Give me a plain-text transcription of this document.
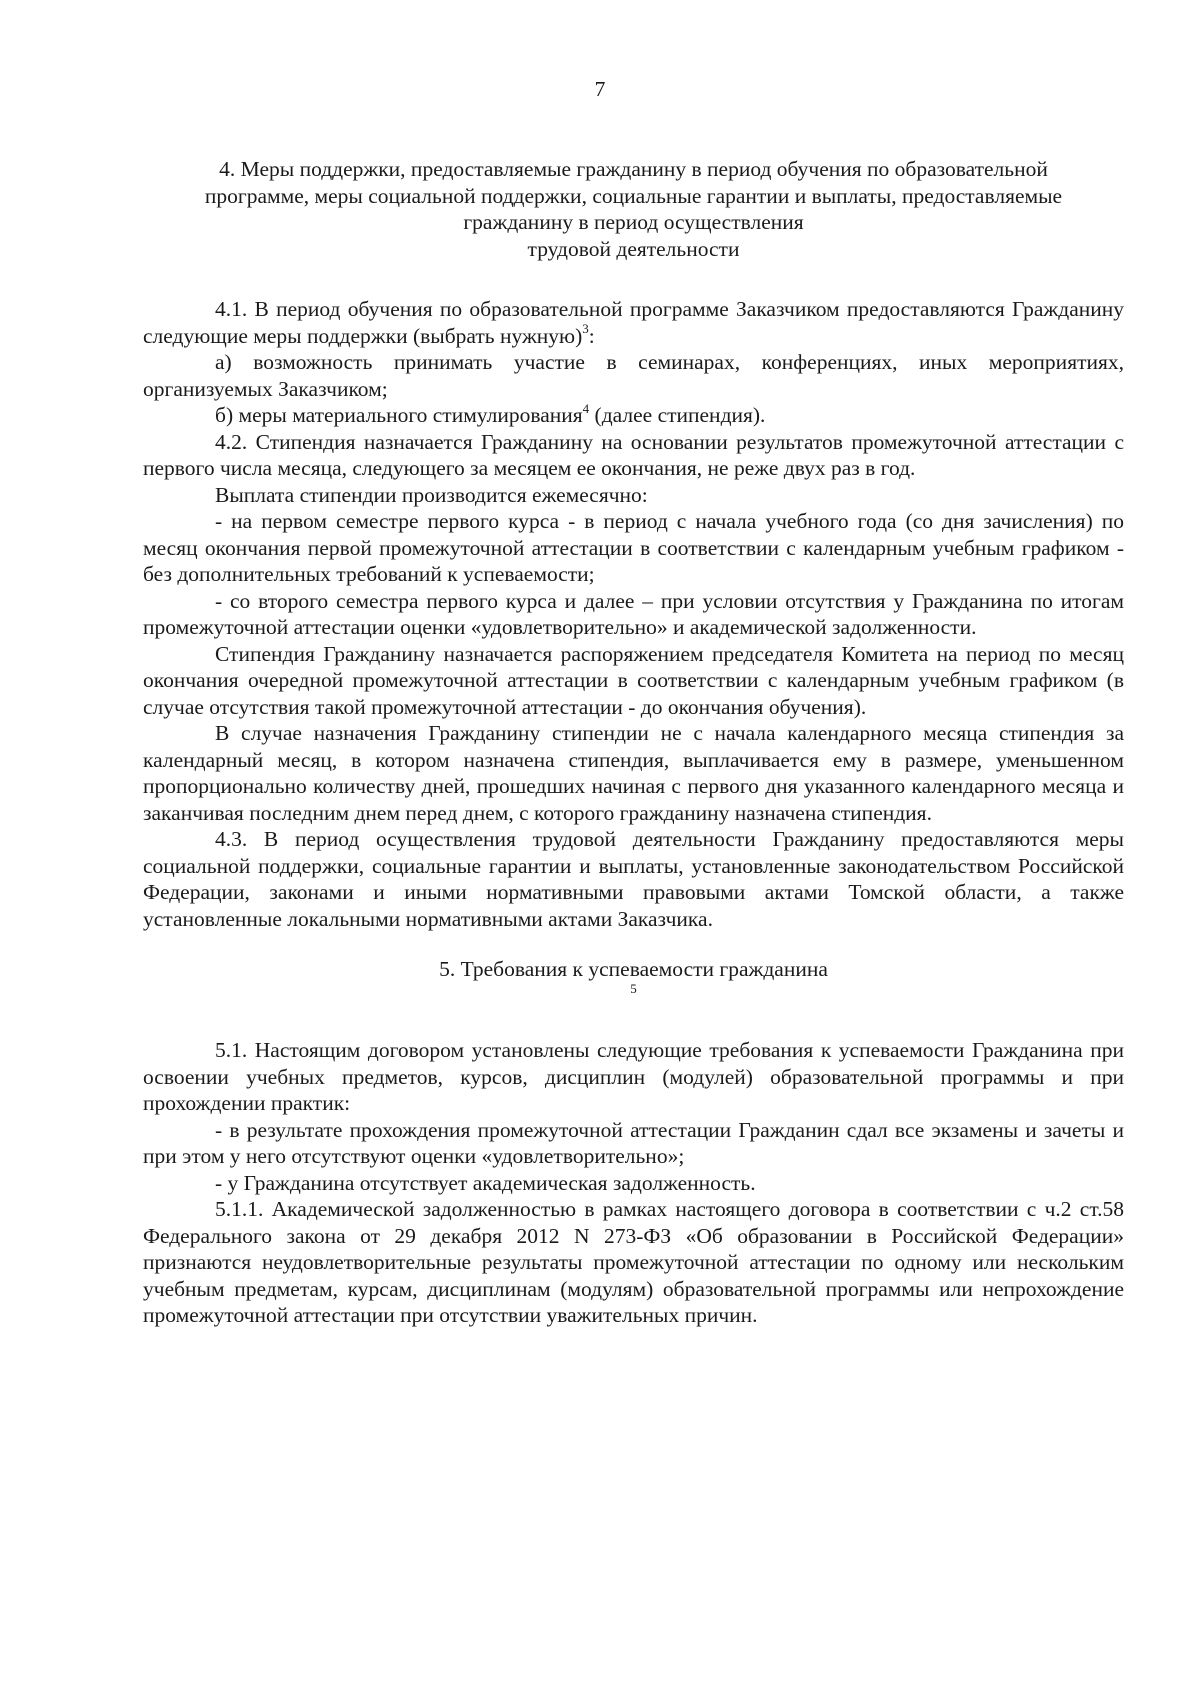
7
4. Меры поддержки, предоставляемые гражданину в период обучения по образовательной
программе, меры социальной поддержки, социальные гарантии и выплаты, предоставляемые
гражданину в период осуществления
трудовой деятельности

4.1. В период обучения по образовательной программе Заказчиком предоставляются Гражданину следующие меры поддержки (выбрать нужную)$^3$:

а) возможность принимать участие в семинарах, конференциях, иных мероприятиях, организуемых Заказчиком;

б) меры материального стимулирования$^4$ (далее стипендия).

4.2. Стипендия назначается Гражданину на основании результатов промежуточной аттестации с первого числа месяца, следующего за месяцем ее окончания, не реже двух раз в год.

Выплата стипендии производится ежемесячно:

- на первом семестре первого курса - в период с начала учебного года (со дня зачисления) по месяц окончания первой промежуточной аттестации в соответствии с календарным учебным графиком - без дополнительных требований к успеваемости;

- со второго семестра первого курса и далее – при условии отсутствия у Гражданина по итогам промежуточной аттестации оценки «удовлетворительно» и академической задолженности.

Стипендия Гражданину назначается распоряжением председателя Комитета на период по месяц окончания очередной промежуточной аттестации в соответствии с календарным учебным графиком (в случае отсутствия такой промежуточной аттестации - до окончания обучения).

В случае назначения Гражданину стипендии не с начала календарного месяца стипендия за календарный месяц, в котором назначена стипендия, выплачивается ему в размере, уменьшенном пропорционально количеству дней, прошедших начиная с первого дня указанного календарного месяца и заканчивая последним днем перед днем, с которого гражданину назначена стипендия.

4.3. В период осуществления трудовой деятельности Гражданину предоставляются меры социальной поддержки, социальные гарантии и выплаты, установленные законодательством Российской Федерации, законами и иными нормативными правовыми актами Томской области, а также установленные локальными нормативными актами Заказчика.

5. Требования к успеваемости гражданина
$^5$

5.1. Настоящим договором установлены следующие требования к успеваемости Гражданина при освоении учебных предметов, курсов, дисциплин (модулей) образовательной программы и при прохождении практик:

- в результате прохождения промежуточной аттестации Гражданин сдал все экзамены и зачеты и при этом у него отсутствуют оценки «удовлетворительно»;

- у Гражданина отсутствует академическая задолженность.

5.1.1. Академической задолженностью в рамках настоящего договора в соответствии с ч.2 ст.58 Федерального закона от 29 декабря 2012 N 273-ФЗ «Об образовании в Российской Федерации» признаются неудовлетворительные результаты промежуточной аттестации по одному или нескольким учебным предметам, курсам, дисциплинам (модулям) образовательной программы или непрохождение промежуточной аттестации при отсутствии уважительных причин.
